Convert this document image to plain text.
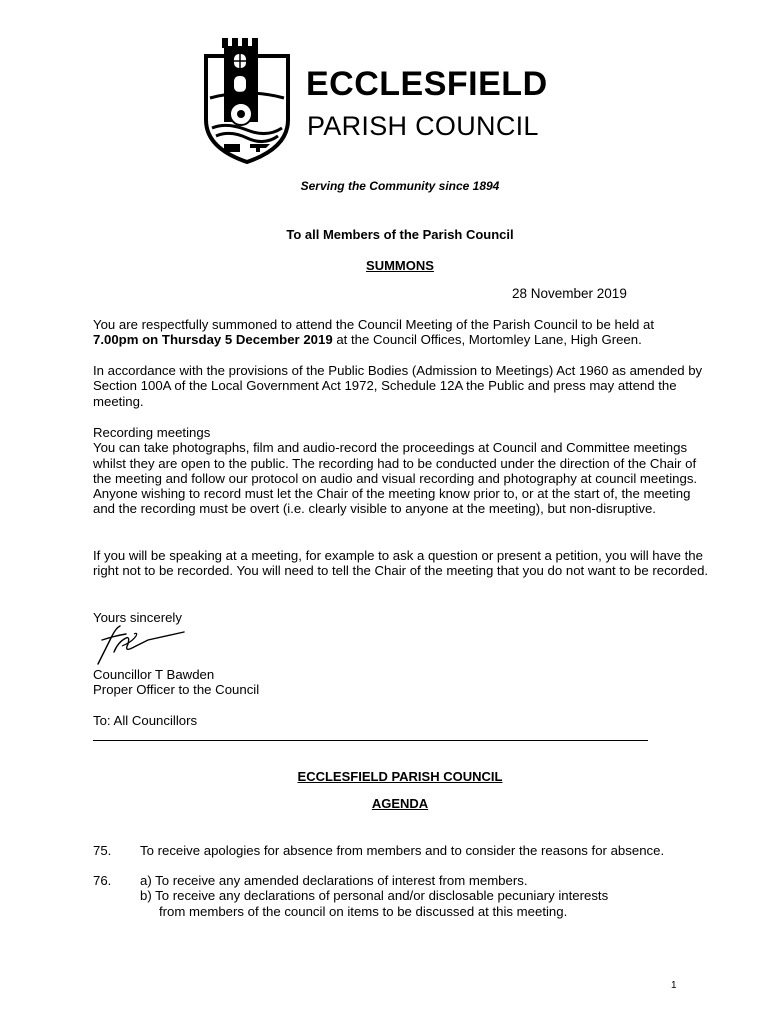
ECCLESFIELD
PARISH COUNCIL
Serving the Community since 1894
To all Members of the Parish Council
SUMMONS
28 November 2019
You are respectfully summoned to attend the Council Meeting of the Parish Council to be held at
7.00pm on Thursday 5 December 2019 at the Council Offices, Mortomley Lane, High Green.
In accordance with the provisions of the Public Bodies (Admission to Meetings) Act 1960 as amended by Section 100A of the Local Government Act 1972, Schedule 12A the Public and press may attend the meeting.
Recording meetings
You can take photographs, film and audio-record the proceedings at Council and Committee meetings whilst they are open to the public. The recording had to be conducted under the direction of the Chair of the meeting and follow our protocol on audio and visual recording and photography at council meetings. Anyone wishing to record must let the Chair of the meeting know prior to, or at the start of, the meeting and the recording must be overt (i.e. clearly visible to anyone at the meeting), but non-disruptive.
If you will be speaking at a meeting, for example to ask a question or present a petition, you will have the right not to be recorded. You will need to tell the Chair of the meeting that you do not want to be recorded.
Yours sincerely
Councillor T Bawden
Proper Officer to the Council
To: All Councillors
ECCLESFIELD PARISH COUNCIL
AGENDA
75. To receive apologies for absence from members and to consider the reasons for absence.
76. a) To receive any amended declarations of interest from members.
b) To receive any declarations of personal and/or disclosable pecuniary interests
from members of the council on items to be discussed at this meeting.
1
